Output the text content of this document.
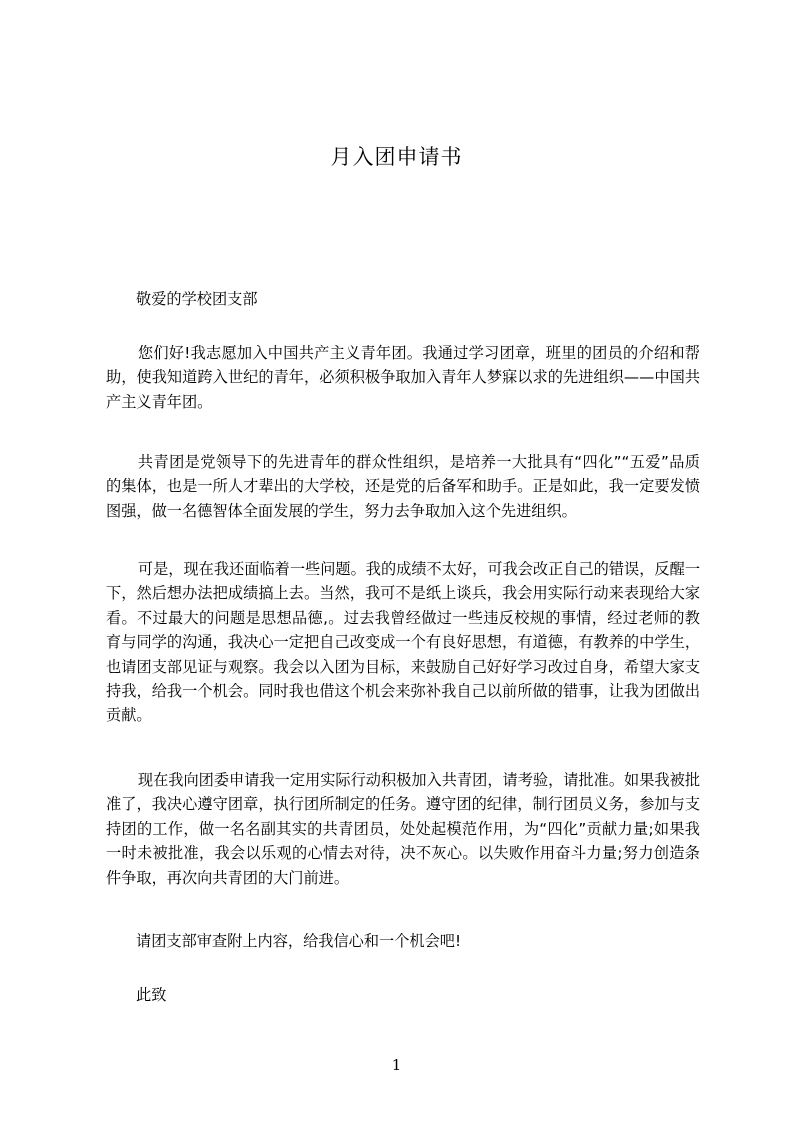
月入团申请书
敬爱的学校团支部

您们好!我志愿加入中国共产主义青年团。我通过学习团章，班里的团员的介绍和帮助，使我知道跨入世纪的青年，必须积极争取加入青年人梦寐以求的先进组织——中国共产主义青年团。

共青团是党领导下的先进青年的群众性组织，是培养一大批具有“四化”“五爱”品质的集体，也是一所人才辈出的大学校，还是党的后备军和助手。正是如此，我一定要发愤图强，做一名德智体全面发展的学生，努力去争取加入这个先进组织。

可是，现在我还面临着一些问题。我的成绩不太好，可我会改正自己的错误，反醒一下，然后想办法把成绩搞上去。当然，我可不是纸上谈兵，我会用实际行动来表现给大家看。不过最大的问题是思想品德,。过去我曾经做过一些违反校规的事情，经过老师的教育与同学的沟通，我决心一定把自己改变成一个有良好思想，有道德，有教养的中学生，也请团支部见证与观察。我会以入团为目标，来鼓励自己好好学习改过自身，希望大家支持我，给我一个机会。同时我也借这个机会来弥补我自己以前所做的错事，让我为团做出贡献。

现在我向团委申请我一定用实际行动积极加入共青团，请考验，请批准。如果我被批准了，我决心遵守团章，执行团所制定的任务。遵守团的纪律，制行团员义务，参加与支持团的工作，做一名名副其实的共青团员，处处起模范作用，为“四化”贡献力量;如果我一时未被批准，我会以乐观的心情去对待，决不灰心。以失败作用奋斗力量;努力创造条件争取，再次向共青团的大门前进。

请团支部审查附上内容，给我信心和一个机会吧!
此致
1
